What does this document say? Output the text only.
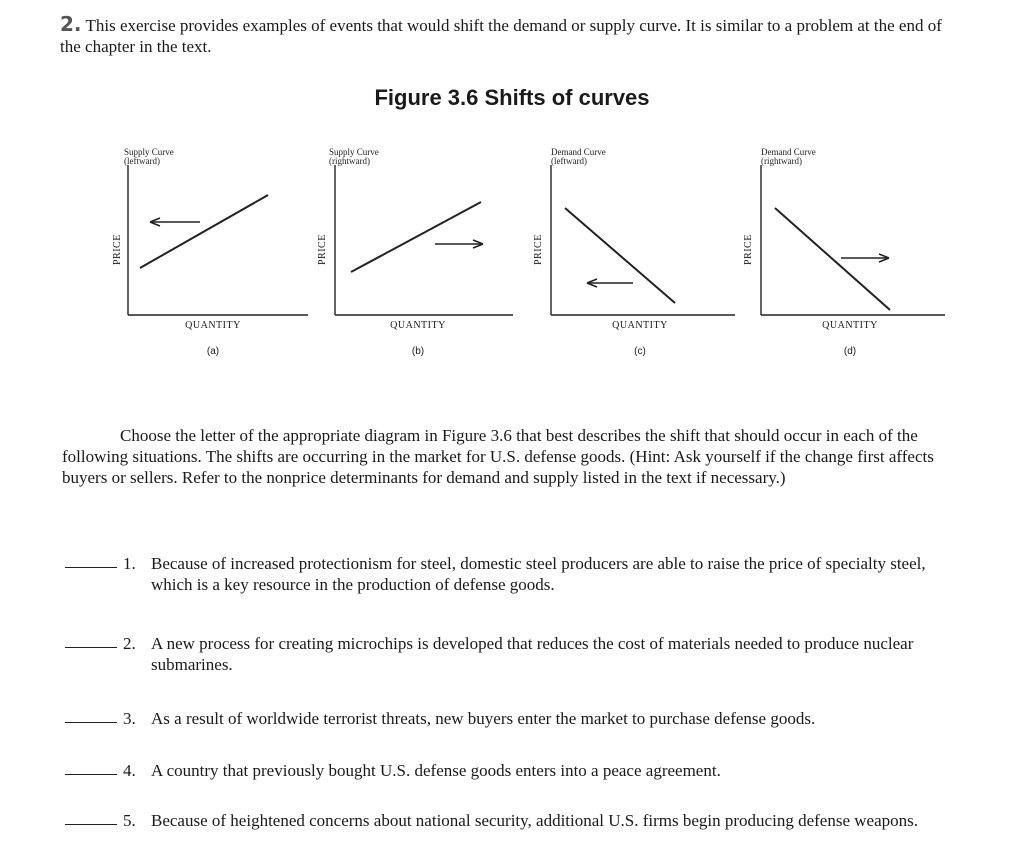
2. This exercise provides examples of events that would shift the demand or supply curve. It is similar to a problem at the end of the chapter in the text.
Figure 3.6 Shifts of curves
Supply Curve
(leftward)
PRICE
QUANTITY
(a)
Supply Curve
(rightward)
PRICE
QUANTITY
(b)
Demand Curve
(leftward)
PRICE
QUANTITY
(c)
Demand Curve
(rightward)
PRICE
QUANTITY
(d)
Choose the letter of the appropriate diagram in Figure 3.6 that best describes the shift that should occur in each of the following situations. The shifts are occurring in the market for U.S. defense goods. (Hint: Ask yourself if the change first affects buyers or sellers. Refer to the nonprice determinants for demand and supply listed in the text if necessary.)
1. Because of increased protectionism for steel, domestic steel producers are able to raise the price of specialty steel, which is a key resource in the production of defense goods.
2. A new process for creating microchips is developed that reduces the cost of materials needed to produce nuclear submarines.
3. As a result of worldwide terrorist threats, new buyers enter the market to purchase defense goods.
4. A country that previously bought U.S. defense goods enters into a peace agreement.
5. Because of heightened concerns about national security, additional U.S. firms begin producing defense weapons.
